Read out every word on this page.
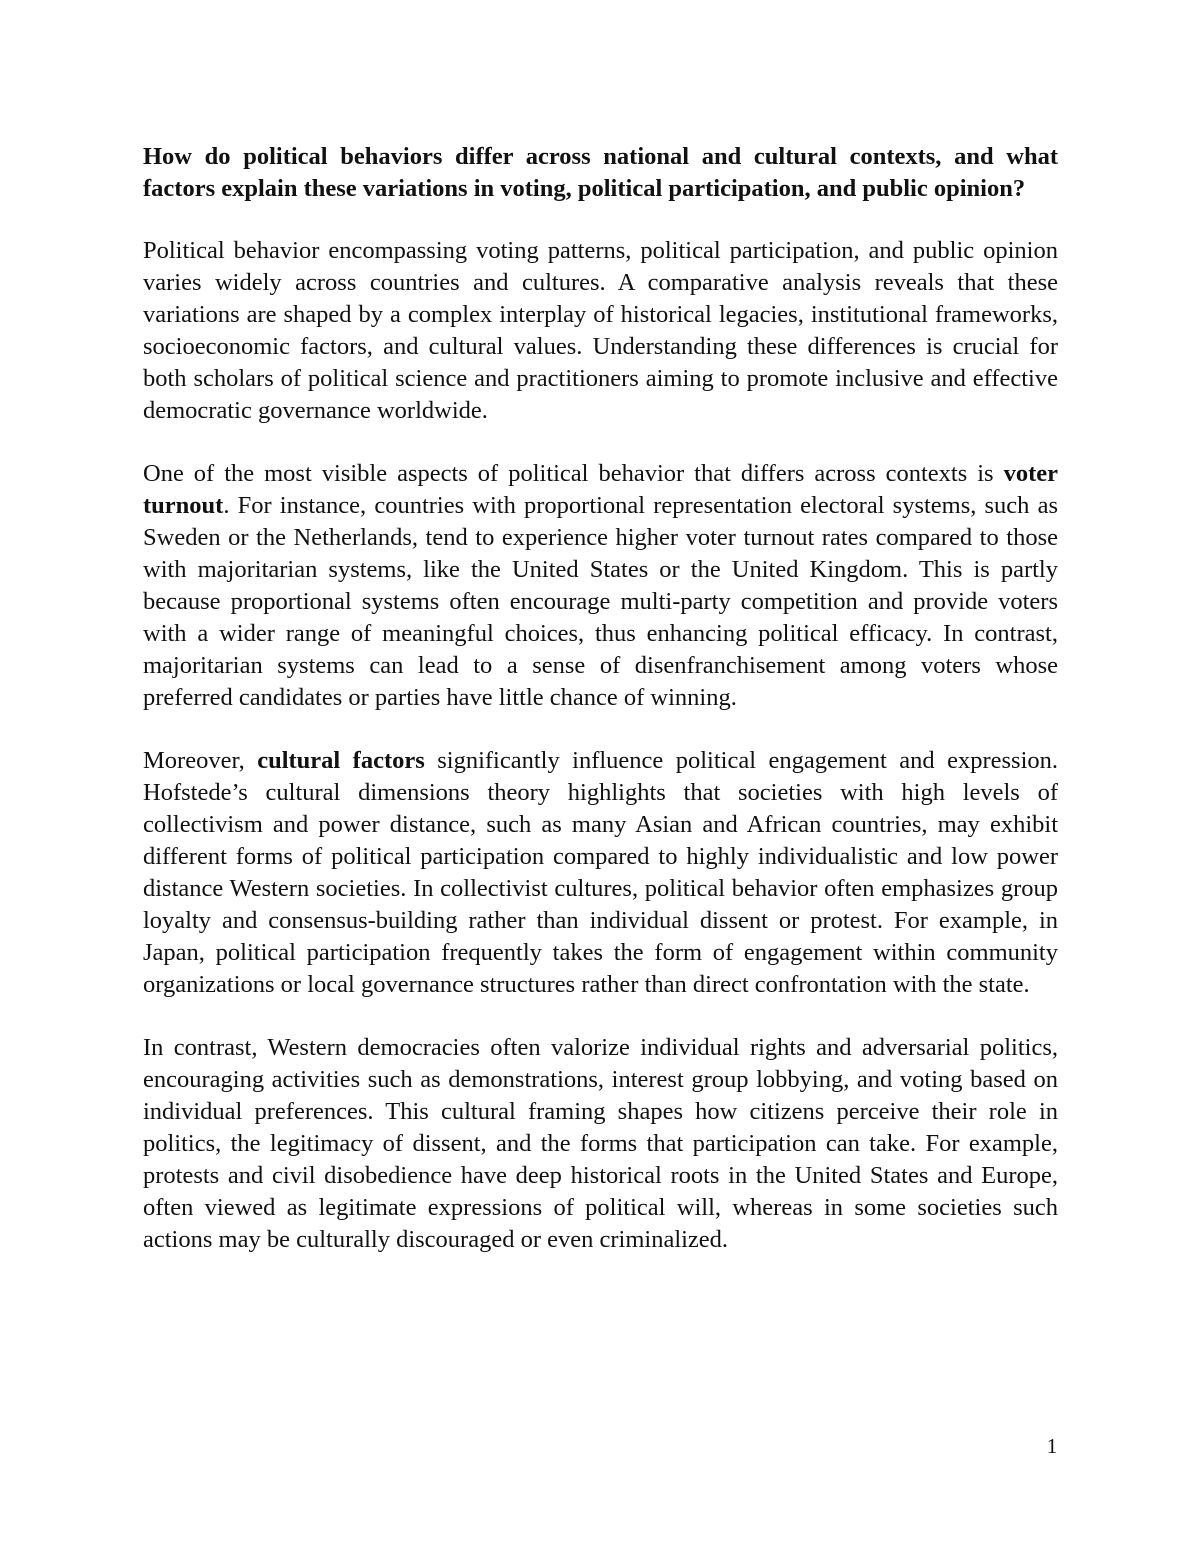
How do political behaviors differ across national and cultural contexts, and what factors explain these variations in voting, political participation, and public opinion?

Political behavior encompassing voting patterns, political participation, and public opinion varies widely across countries and cultures. A comparative analysis reveals that these variations are shaped by a complex interplay of historical legacies, institutional frameworks, socioeconomic factors, and cultural values. Understanding these differences is crucial for both scholars of political science and practitioners aiming to promote inclusive and effective democratic governance worldwide.

One of the most visible aspects of political behavior that differs across contexts is voter turnout. For instance, countries with proportional representation electoral systems, such as Sweden or the Netherlands, tend to experience higher voter turnout rates compared to those with majoritarian systems, like the United States or the United Kingdom. This is partly because proportional systems often encourage multi-party competition and provide voters with a wider range of meaningful choices, thus enhancing political efficacy. In contrast, majoritarian systems can lead to a sense of disenfranchisement among voters whose preferred candidates or parties have little chance of winning.

Moreover, cultural factors significantly influence political engagement and expression. Hofstede’s cultural dimensions theory highlights that societies with high levels of collectivism and power distance, such as many Asian and African countries, may exhibit different forms of political participation compared to highly individualistic and low power distance Western societies. In collectivist cultures, political behavior often emphasizes group loyalty and consensus-building rather than individual dissent or protest. For example, in Japan, political participation frequently takes the form of engagement within community organizations or local governance structures rather than direct confrontation with the state.

In contrast, Western democracies often valorize individual rights and adversarial politics, encouraging activities such as demonstrations, interest group lobbying, and voting based on individual preferences. This cultural framing shapes how citizens perceive their role in politics, the legitimacy of dissent, and the forms that participation can take. For example, protests and civil disobedience have deep historical roots in the United States and Europe, often viewed as legitimate expressions of political will, whereas in some societies such actions may be culturally discouraged or even criminalized.

1
